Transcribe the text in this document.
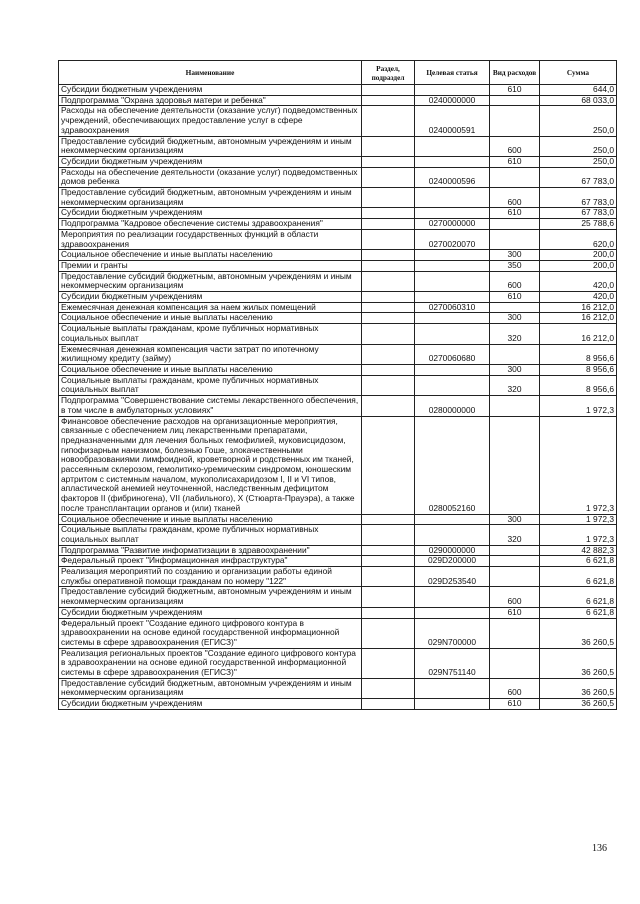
Наименование	Раздел, подраздел	Целевая статья	Вид расходов	Сумма
Субсидии бюджетным учреждениям			610	644,0
Подпрограмма "Охрана здоровья матери и ребенка"		0240000000		68 033,0
Расходы на обеспечение деятельности (оказание услуг) подведомственных учреждений, обеспечивающих предоставление услуг в сфере здравоохранения		0240000591		250,0
Предоставление субсидий бюджетным, автономным учреждениям и иным некоммерческим организациям			600	250,0
Субсидии бюджетным учреждениям			610	250,0
Расходы на обеспечение деятельности (оказание услуг) подведомственных домов ребенка		0240000596		67 783,0
Предоставление субсидий бюджетным, автономным учреждениям и иным некоммерческим организациям			600	67 783,0
Субсидии бюджетным учреждениям			610	67 783,0
Подпрограмма "Кадровое обеспечение системы здравоохранения"		0270000000		25 788,6
Мероприятия по реализации государственных функций в области здравоохранения		0270020070		620,0
Социальное обеспечение и иные выплаты населению			300	200,0
Премии и гранты			350	200,0
Предоставление субсидий бюджетным, автономным учреждениям и иным некоммерческим организациям			600	420,0
Субсидии бюджетным учреждениям			610	420,0
Ежемесячная денежная компенсация за наем жилых помещений		0270060310		16 212,0
Социальное обеспечение и иные выплаты населению			300	16 212,0
Социальные выплаты гражданам, кроме публичных нормативных социальных выплат			320	16 212,0
Ежемесячная денежная компенсация части затрат по ипотечному жилищному кредиту (займу)		0270060680		8 956,6
Социальное обеспечение и иные выплаты населению			300	8 956,6
Социальные выплаты гражданам, кроме публичных нормативных социальных выплат			320	8 956,6
Подпрограмма "Совершенствование системы лекарственного обеспечения, в том числе в амбулаторных условиях"		0280000000		1 972,3
Финансовое обеспечение расходов на организационные мероприятия, связанные с обеспечением лиц лекарственными препаратами, предназначенными для лечения больных гемофилией, муковисцидозом, гипофизарным нанизмом, болезнью Гоше, злокачественными новообразованиями лимфоидной, кроветворной и родственных им тканей, рассеянным склерозом, гемолитико-уремическим синдромом, юношеским артритом с системным началом, мукополисахаридозом I, II и VI типов, апластической анемией неуточненной, наследственным дефицитом факторов II (фибриногена), VII (лабильного), X (Стюарта-Прауэра), а также после трансплантации органов и (или) тканей		0280052160		1 972,3
Социальное обеспечение и иные выплаты населению			300	1 972,3
Социальные выплаты гражданам, кроме публичных нормативных социальных выплат			320	1 972,3
Подпрограмма "Развитие информатизации в здравоохранении"		0290000000		42 882,3
Федеральный проект "Информационная инфраструктура"		029D200000		6 621,8
Реализация мероприятий по созданию и организации работы единой службы оперативной помощи гражданам по номеру "122"		029D253540		6 621,8
Предоставление субсидий бюджетным, автономным учреждениям и иным некоммерческим организациям			600	6 621,8
Субсидии бюджетным учреждениям			610	6 621,8
Федеральный проект "Создание единого цифрового контура в здравоохранении на основе единой государственной информационной системы в сфере здравоохранения (ЕГИСЗ)"		029N700000		36 260,5
Реализация региональных проектов "Создание единого цифрового контура в здравоохранении на основе единой государственной информационной системы в сфере здравоохранения (ЕГИСЗ)"		029N751140		36 260,5
Предоставление субсидий бюджетным, автономным учреждениям и иным некоммерческим организациям			600	36 260,5
Субсидии бюджетным учреждениям			610	36 260,5
136
